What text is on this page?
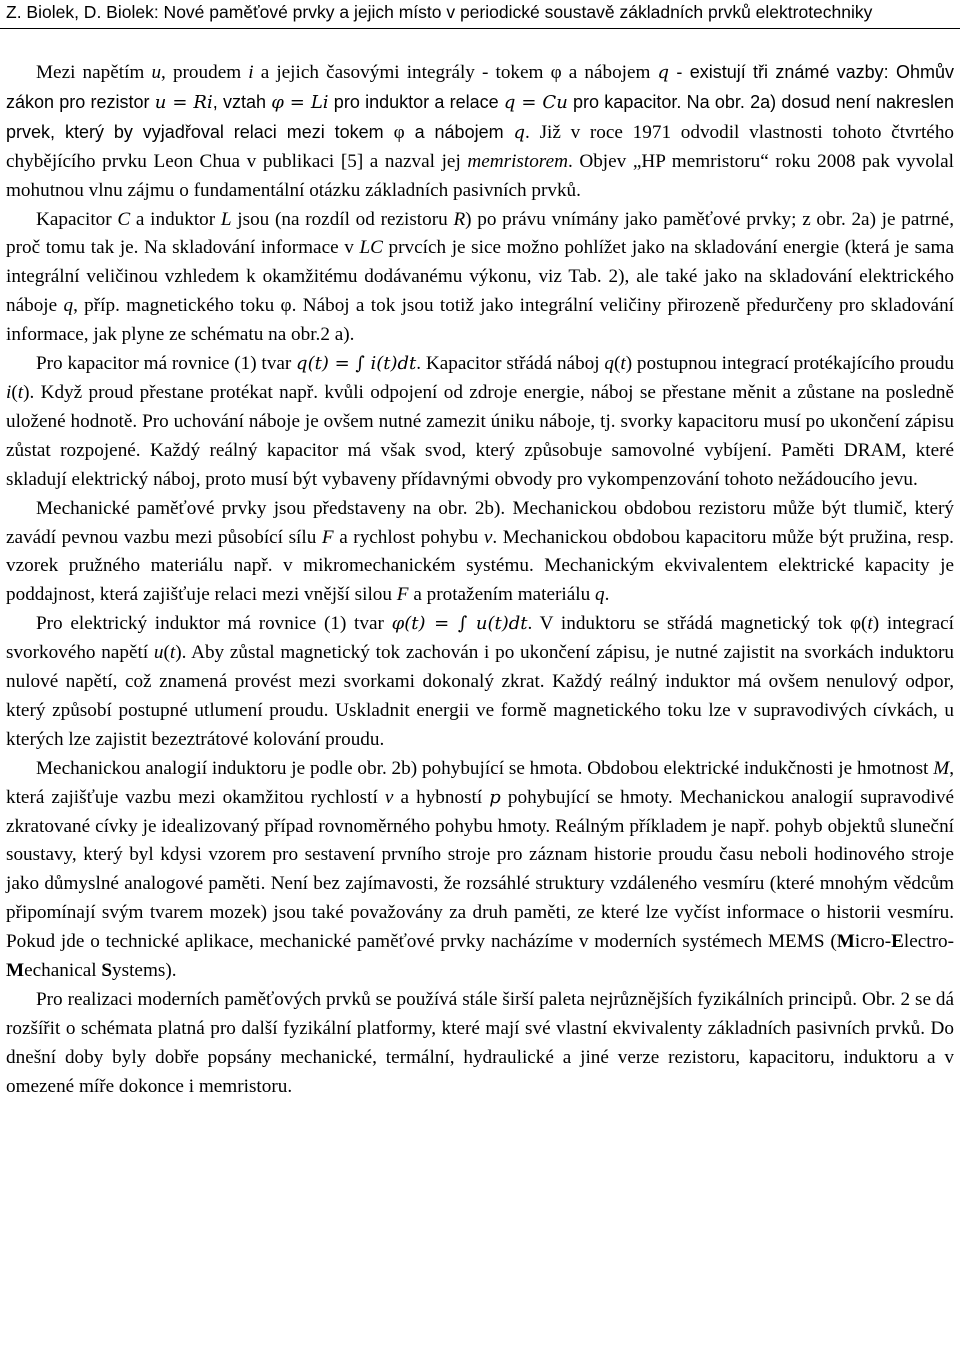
Z. Biolek, D. Biolek: Nové paměťové prvky a jejich místo v periodické soustavě základních prvků elektrotechniky

Mezi napětím u, proudem i a jejich časovými integrály - tokem φ a nábojem q - existují tři známé vazby: Ohmův zákon pro rezistor u = Ri, vztah φ = Li pro induktor a relace q = Cu pro kapacitor. Na obr. 2a) dosud není nakreslen prvek, který by vyjadřoval relaci mezi tokem φ a nábojem q. Již v roce 1971 odvodil vlastnosti tohoto čtvrtého chybějícího prvku Leon Chua v publikaci [5] a nazval jej memristorem. Objev „HP memristoru“ roku 2008 pak vyvolal mohutnou vlnu zájmu o fundamentální otázku základních pasivních prvků.

Kapacitor C a induktor L jsou (na rozdíl od rezistoru R) po právu vnímány jako paměťové prvky; z obr. 2a) je patrné, proč tomu tak je. Na skladování informace v LC prvcích je sice možno pohlížet jako na skladování energie (která je sama integrální veličinou vzhledem k okamžitému dodávanému výkonu, viz Tab. 2), ale také jako na skladování elektrického náboje q, příp. magnetického toku φ. Náboj a tok jsou totiž jako integrální veličiny přirozeně předurčeny pro skladování informace, jak plyne ze schématu na obr.2 a).

Pro kapacitor má rovnice (1) tvar q(t) = ∫ i(t)dt. Kapacitor střádá náboj q(t) postupnou integrací protékajícího proudu i(t). Když proud přestane protékat např. kvůli odpojení od zdroje energie, náboj se přestane měnit a zůstane na posledně uložené hodnotě. Pro uchování náboje je ovšem nutné zamezit úniku náboje, tj. svorky kapacitoru musí po ukončení zápisu zůstat rozpojené. Každý reálný kapacitor má však svod, který způsobuje samovolné vybíjení. Paměti DRAM, které skladují elektrický náboj, proto musí být vybaveny přídavnými obvody pro vykompenzování tohoto nežádoucího jevu.

Mechanické paměťové prvky jsou představeny na obr. 2b). Mechanickou obdobou rezistoru může být tlumič, který zavádí pevnou vazbu mezi působící sílu F a rychlost pohybu v. Mechanickou obdobou kapacitoru může být pružina, resp. vzorek pružného materiálu např. v mikromechanickém systému. Mechanickým ekvivalentem elektrické kapacity je poddajnost, která zajišťuje relaci mezi vnější silou F a protažením materiálu q.

Pro elektrický induktor má rovnice (1) tvar φ(t) = ∫ u(t)dt. V induktoru se střádá magnetický tok φ(t) integrací svorkového napětí u(t). Aby zůstal magnetický tok zachován i po ukončení zápisu, je nutné zajistit na svorkách induktoru nulové napětí, což znamená provést mezi svorkami dokonalý zkrat. Každý reálný induktor má ovšem nenulový odpor, který způsobí postupné utlumení proudu. Uskladnit energii ve formě magnetického toku lze v supravodivých cívkách, u kterých lze zajistit bezeztrátové kolování proudu.

Mechanickou analogií induktoru je podle obr. 2b) pohybující se hmota. Obdobou elektrické indukčnosti je hmotnost M, která zajišťuje vazbu mezi okamžitou rychlostí v a hybností p pohybující se hmoty. Mechanickou analogií supravodivé zkratované cívky je idealizovaný případ rovnoměrného pohybu hmoty. Reálným příkladem je např. pohyb objektů sluneční soustavy, který byl kdysi vzorem pro sestavení prvního stroje pro záznam historie proudu času neboli hodinového stroje jako důmyslné analogové paměti. Není bez zajímavosti, že rozsáhlé struktury vzdáleného vesmíru (které mnohým vědcům připomínají svým tvarem mozek) jsou také považovány za druh paměti, ze které lze vyčíst informace o historii vesmíru. Pokud jde o technické aplikace, mechanické paměťové prvky nacházíme v moderních systémech MEMS (Micro-Electro-Mechanical Systems).

Pro realizaci moderních paměťových prvků se používá stále širší paleta nejrůznějších fyzikálních principů. Obr. 2 se dá rozšířit o schémata platná pro další fyzikální platformy, které mají své vlastní ekvivalenty základních pasivních prvků. Do dnešní doby byly dobře popsány mechanické, termální, hydraulické a jiné verze rezistoru, kapacitoru, induktoru a v omezené míře dokonce i memristoru.
